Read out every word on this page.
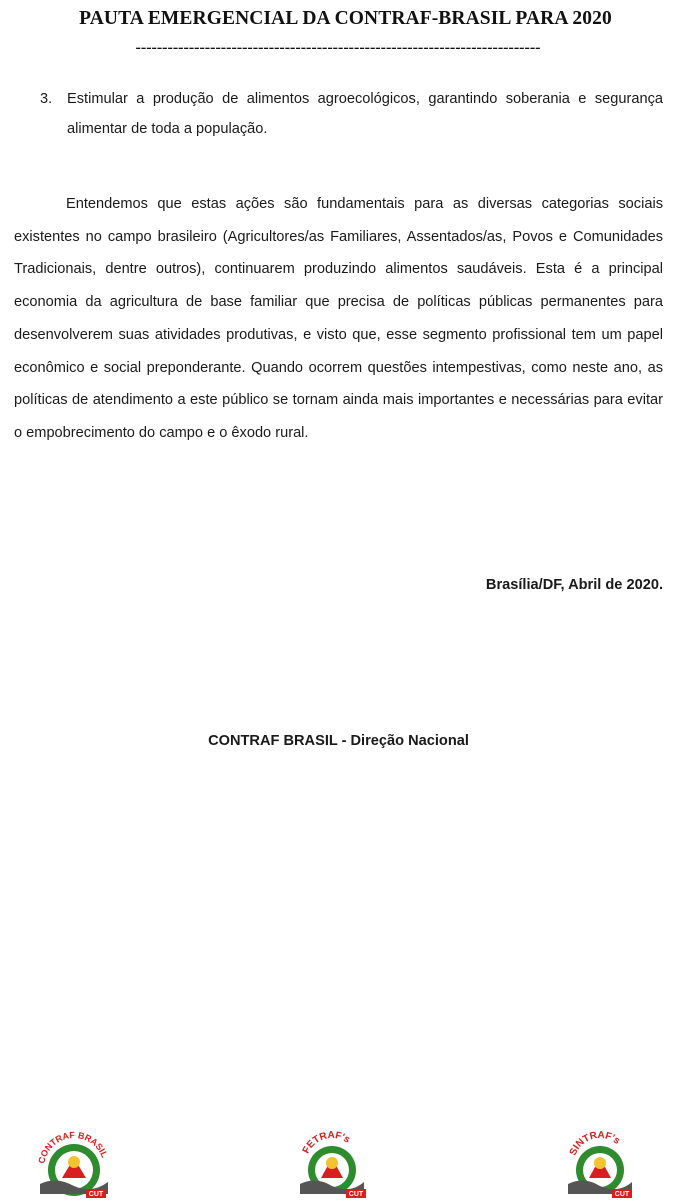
PAUTA EMERGENCIAL DA CONTRAF-BRASIL PARA 2020
----------------------------------------------------------------------------
3. Estimular a produção de alimentos agroecológicos, garantindo soberania e segurança alimentar de toda a população.

Entendemos que estas ações são fundamentais para as diversas categorias sociais existentes no campo brasileiro (Agricultores/as Familiares, Assentados/as, Povos e Comunidades Tradicionais, dentre outros), continuarem produzindo alimentos saudáveis. Esta é a principal economia da agricultura de base familiar que precisa de políticas públicas permanentes para desenvolverem suas atividades produtivas, e visto que, esse segmento profissional tem um papel econômico e social preponderante. Quando ocorrem questões intempestivas, como neste ano, as políticas de atendimento a este público se tornam ainda mais importantes e necessárias para evitar o empobrecimento do campo e o êxodo rural.

Brasília/DF, Abril de 2020.
CONTRAF BRASIL - Direção Nacional
CONTRAF BRASIL
CUT
FETRAF's
CUT
SINTRAF's
CUT
